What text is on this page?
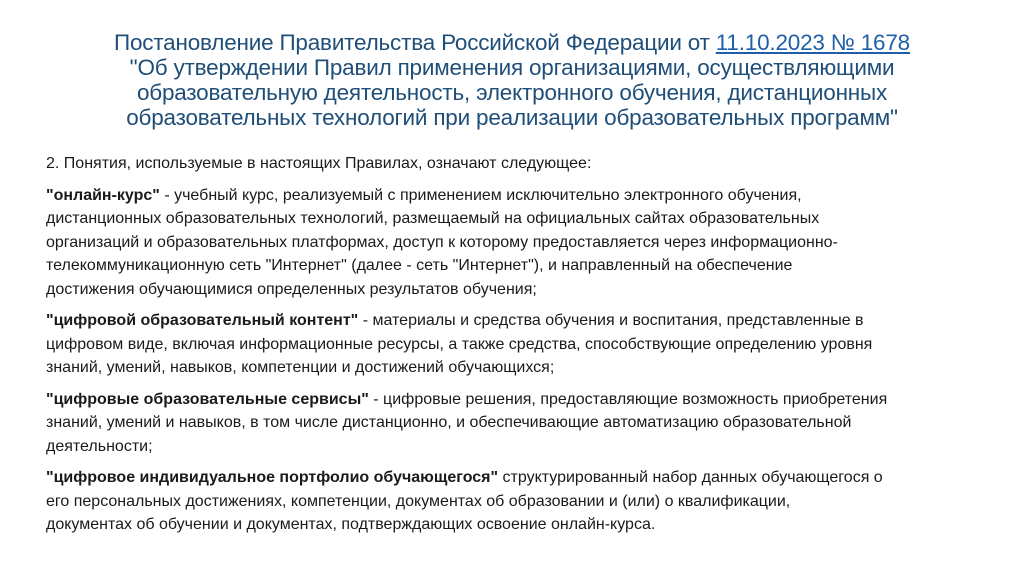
Постановление Правительства Российской Федерации от 11.10.2023 № 1678
"Об утверждении Правил применения организациями, осуществляющими
образовательную деятельность, электронного обучения, дистанционных
образовательных технологий при реализации образовательных программ"

2. Понятия, используемые в настоящих Правилах, означают следующее:

"онлайн-курс" - учебный курс, реализуемый с применением исключительно электронного обучения,
дистанционных образовательных технологий, размещаемый на официальных сайтах образовательных
организаций и образовательных платформах, доступ к которому предоставляется через информационно-
телекоммуникационную сеть "Интернет" (далее - сеть "Интернет"), и направленный на обеспечение
достижения обучающимися определенных результатов обучения;

"цифровой образовательный контент" - материалы и средства обучения и воспитания, представленные в
цифровом виде, включая информационные ресурсы, а также средства, способствующие определению уровня
знаний, умений, навыков, компетенции и достижений обучающихся;

"цифровые образовательные сервисы" - цифровые решения, предоставляющие возможность приобретения
знаний, умений и навыков, в том числе дистанционно, и обеспечивающие автоматизацию образовательной
деятельности;

"цифровое индивидуальное портфолио обучающегося" структурированный набор данных обучающегося о
его персональных достижениях, компетенции, документах об образовании и (или) о квалификации,
документах об обучении и документах, подтверждающих освоение онлайн-курса.
